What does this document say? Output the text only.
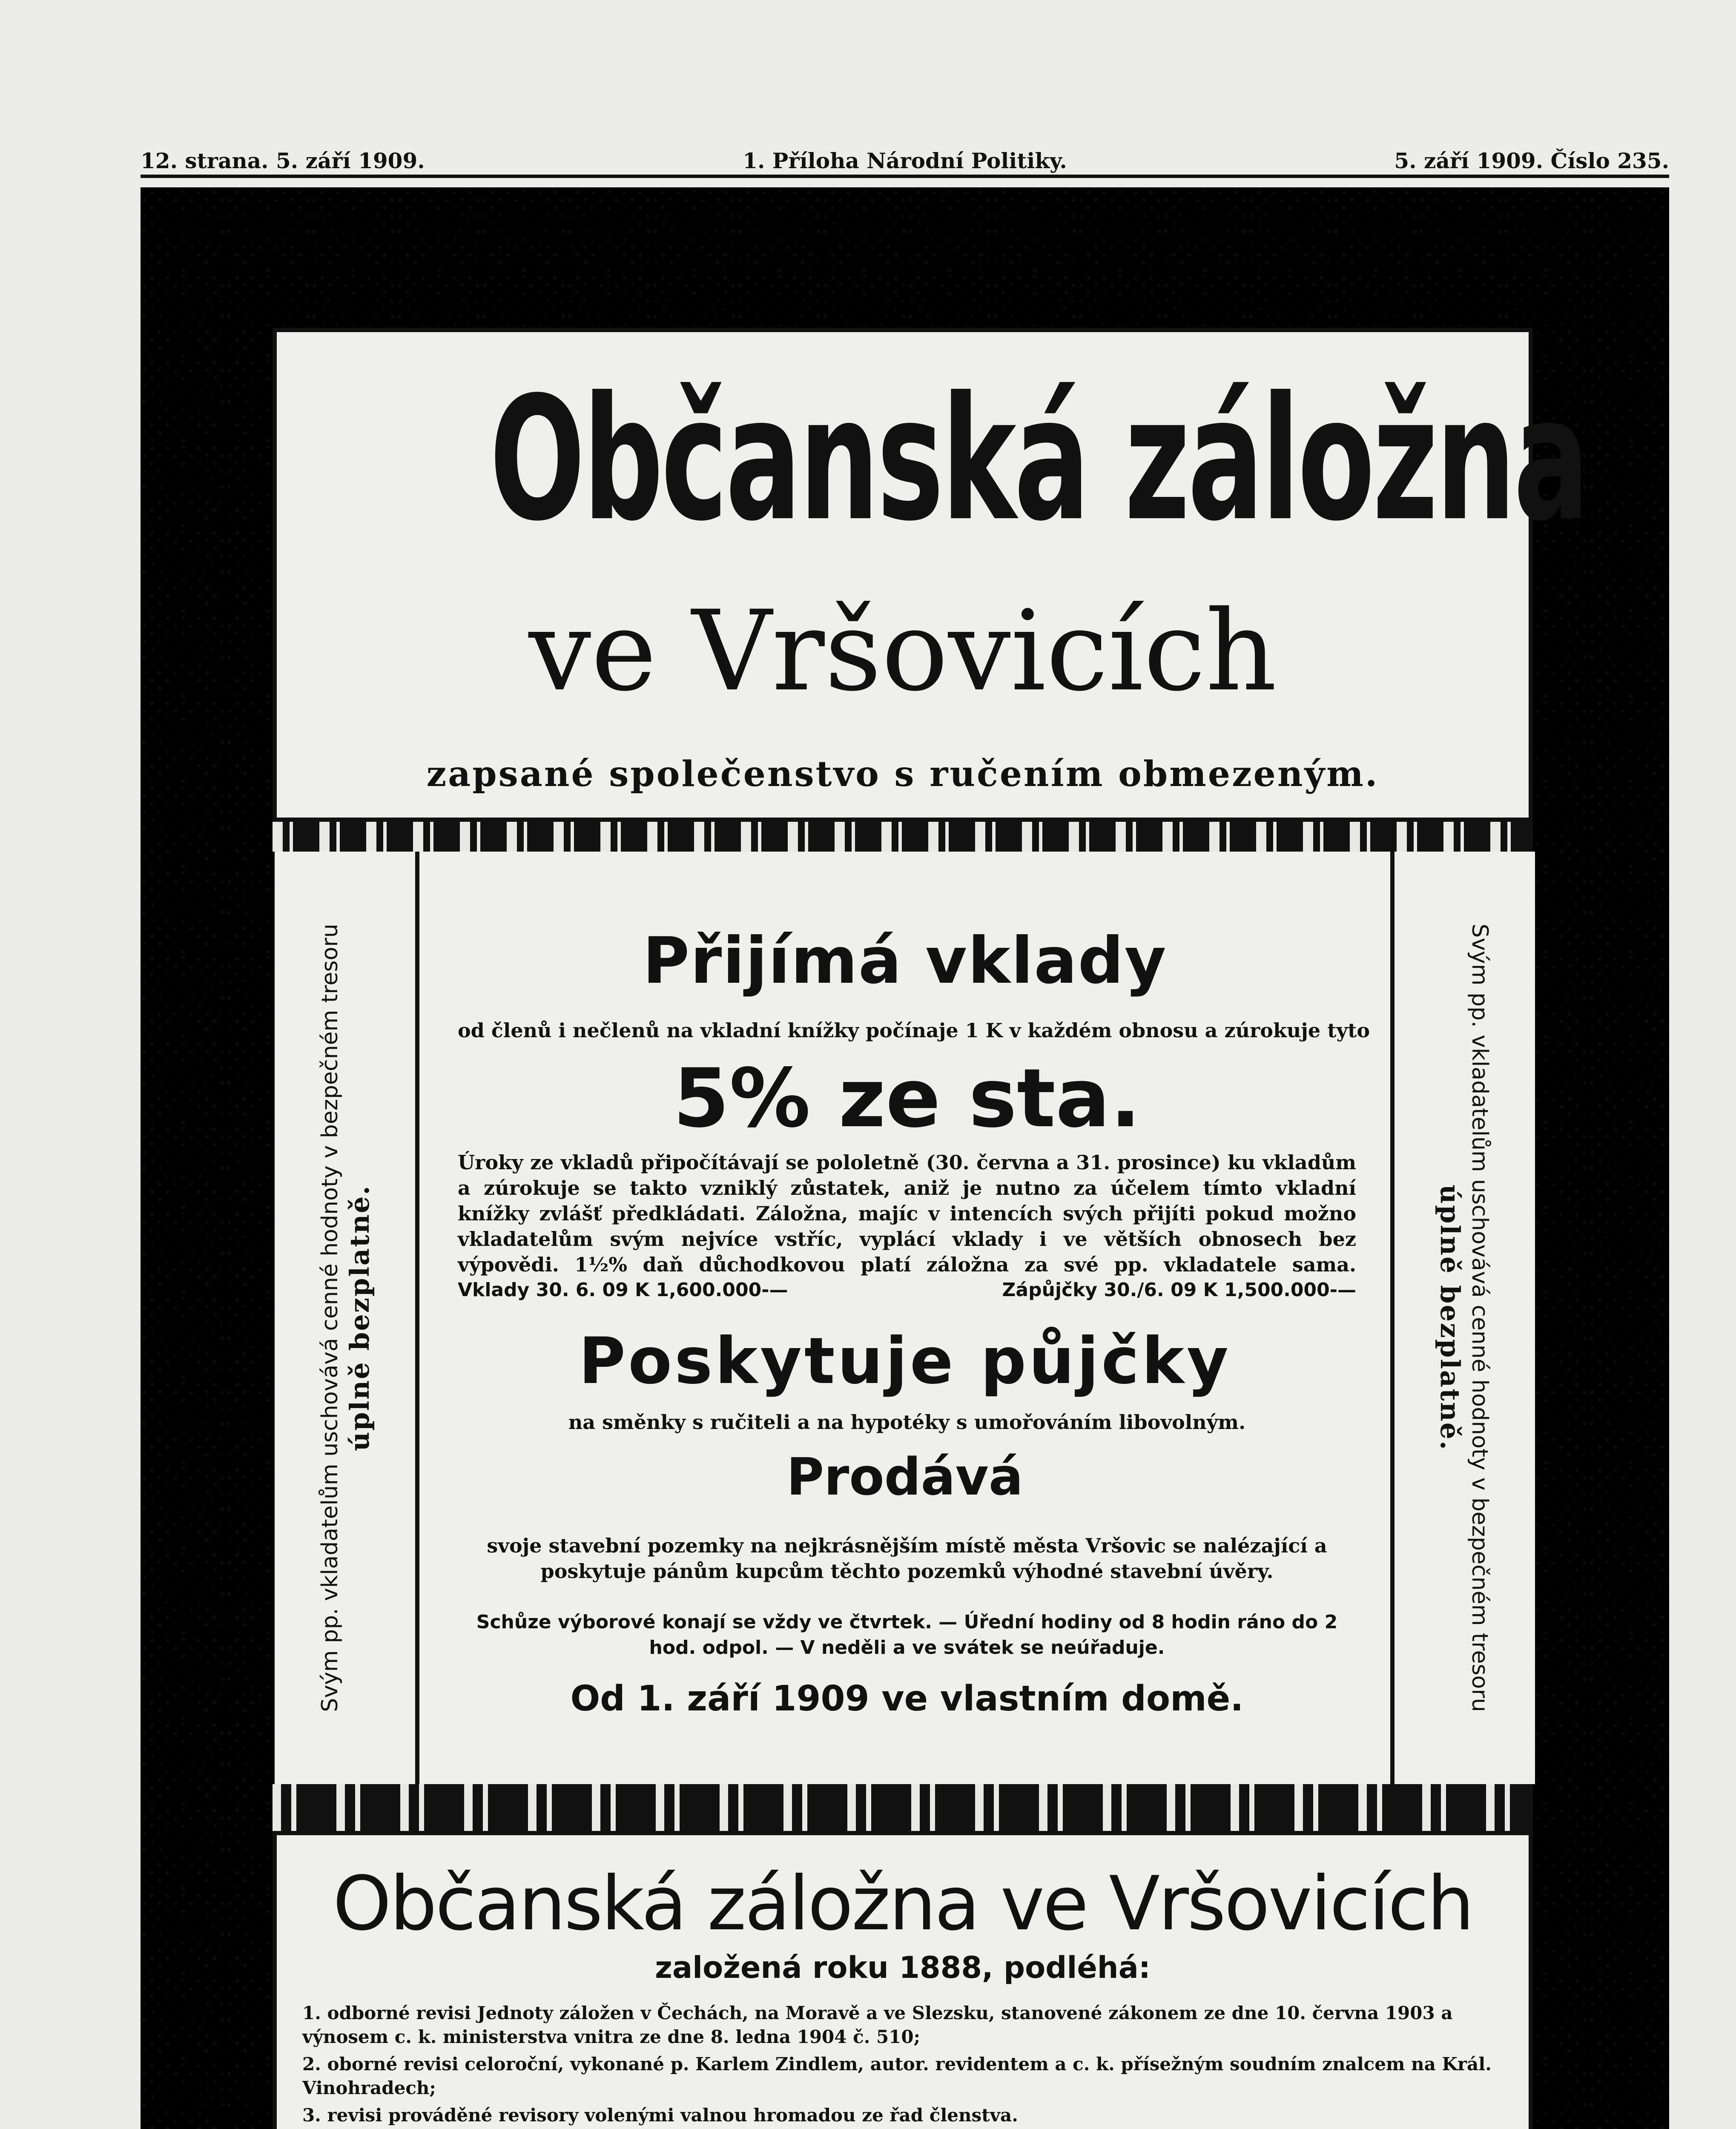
12. strana. 5. září 1909.	1. Příloha Národní Politiky.	5. září 1909. Číslo 235.
Občanská záložna
ve Vršovicích
zapsané společenstvo s ručením obmezeným.
Svým pp. vkladatelům uschovává cenné hodnoty v bezpečném tresoru úplně bezplatně.
Přijímá vklady
od členů i nečlenů na vkladní knížky počínaje 1 K v každém obnosu a zúrokuje tyto
5% ze sta.
Úroky ze vkladů připočítávají se pololetně (30. června a 31. prosince) ku vkladům a zúrokuje se takto vzniklý zůstatek, aniž je nutno za účelem tímto vkladní knížky zvlášť předkládati. Záložna, majíc v intencích svých přijíti pokud možno vkladatelům svým nejvíce vstříc, vyplácí vklady i ve větších obnosech bez výpovědi. 1½% daň důchodkovou platí záložna za své pp. vkladatele sama.
Vklady 30. 6. 09 K 1,600.000-—	Zápůjčky 30./6. 09 K 1,500.000-—
Poskytuje půjčky
na směnky s ručiteli a na hypotéky s umořováním libovolným.
Prodává
svoje stavební pozemky na nejkrásnějším místě města Vršovic se nalézající a poskytuje pánům kupcům těchto pozemků výhodné stavební úvěry.
Schůze výborové konají se vždy ve čtvrtek. — Úřední hodiny od 8 hodin ráno do 2 hod. odpol. — V neděli a ve svátek se neúřaduje.
Od 1. září 1909 ve vlastním domě.	Svým pp. vkladatelům uschovává cenné hodnoty v bezpečném tresoru
úplně bezplatně.
Občanská záložna ve Vršovicích
založená roku 1888, podléhá:
1. odborné revisi Jednoty záložen v Čechách, na Moravě a ve Slezsku, stanovené zákonem ze dne 10. června 1903 a výnosem c. k. ministerstva vnitra ze dne 8. ledna 1904 č. 510;
2. oborné revisi celoroční, vykonané p. Karlem Zindlem, autor. revidentem a c. k. přísežným soudním znalcem na Král. Vinohradech;
3. revisi prováděné revisory volenými valnou hromadou ze řad členstva.
